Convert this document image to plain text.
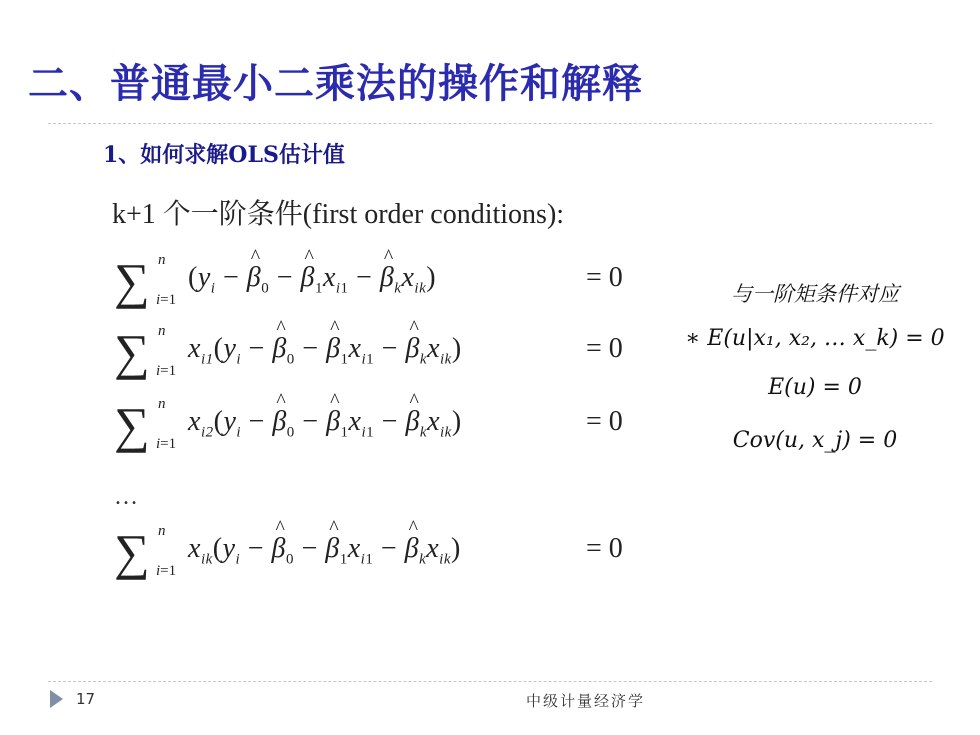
二、普通最小二乘法的操作和解释
1、如何求解OLS估计值
k+1 个一阶条件(first order conditions):
∑ n
i=1
($y_i$ − ^ $\beta_0$ − ^ $\beta_1x_{i1}$ − ^ $\beta_kx_{ik}$)	= 0
∑ n
i=1
$x_{i1}(y_i$ − ^ $\beta_0$ − ^ $\beta_1x_{i1}$ − ^ $\beta_kx_{ik}$)	= 0
∑ n
i=1
$x_{i2}(y_i$ − ^ $\beta_0$ − ^ $\beta_1x_{i1}$ − ^ $\beta_kx_{ik}$)	= 0
…
∑ n
i=1
$x_{ik}(y_i$ − ^ $\beta_0$ − ^ $\beta_1x_{i1}$ − ^ $\beta_kx_{ik}$)	= 0
与一阶矩条件对应
∗ E(u|x₁, x₂, … x_k) = 0
E(u) = 0
Cov(u, x_j) = 0
17	中级计量经济学
